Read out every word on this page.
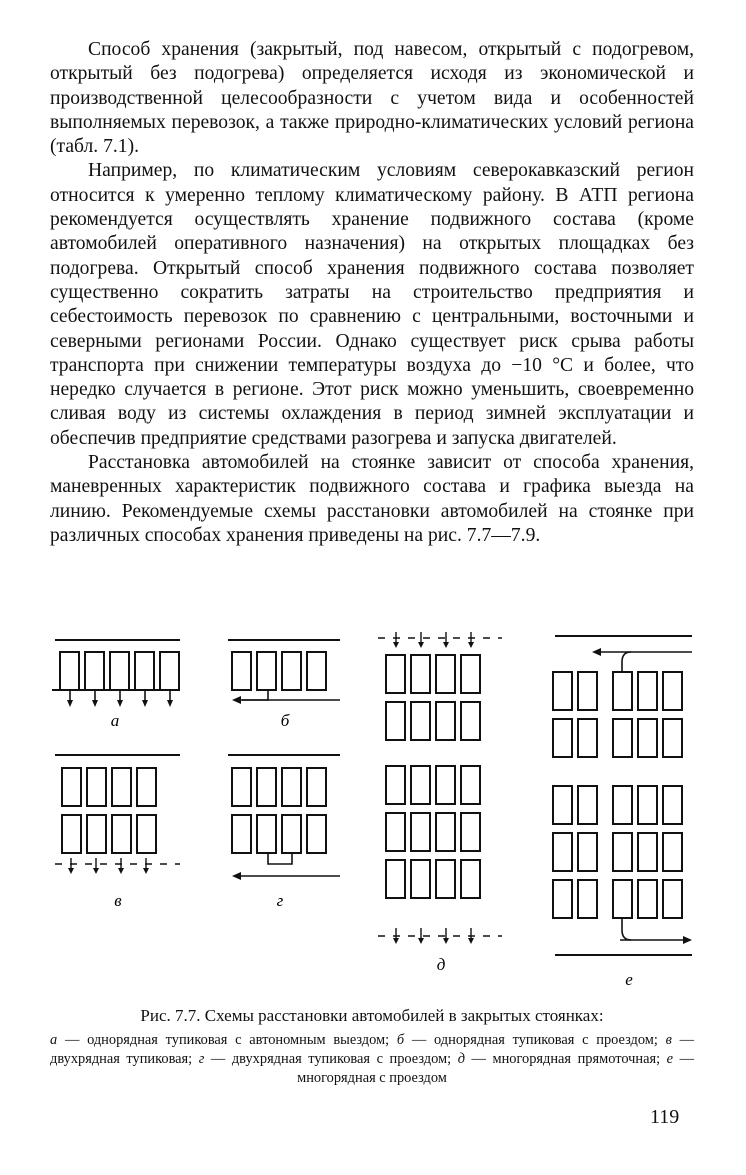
Способ хранения (закрытый, под навесом, открытый с подогревом, открытый без подогрева) определяется исходя из экономической и производственной целесообразности с учетом вида и особенностей выполняемых перевозок, а также природно-климатических условий региона (табл. 7.1).

Например, по климатическим условиям северокавказский регион относится к умеренно теплому климатическому району. В АТП региона рекомендуется осуществлять хранение подвижного состава (кроме автомобилей оперативного назначения) на открытых площадках без подогрева. Открытый способ хранения подвижного состава позволяет существенно сократить затраты на строительство предприятия и себестоимость перевозок по сравнению с центральными, восточными и северными регионами России. Однако существует риск срыва работы транспорта при снижении температуры воздуха до −10 °С и более, что нередко случается в регионе. Этот риск можно уменьшить, своевременно сливая воду из системы охлаждения в период зимней эксплуатации и обеспечив предприятие средствами разогрева и запуска двигателей.

Расстановка автомобилей на стоянке зависит от способа хранения, маневренных характеристик подвижного состава и графика выезда на линию. Рекомендуемые схемы расстановки автомобилей на стоянке при различных способах хранения приведены на рис. 7.7—7.9.

а	б
в	г
д
е
Рис. 7.7. Схемы расстановки автомобилей в закрытых стоянках:
а — однорядная тупиковая с автономным выездом; б — однорядная тупиковая с проездом; в — двухрядная тупиковая; г — двухрядная тупиковая с проездом; д — многорядная прямоточная; е — многорядная с проездом
119
